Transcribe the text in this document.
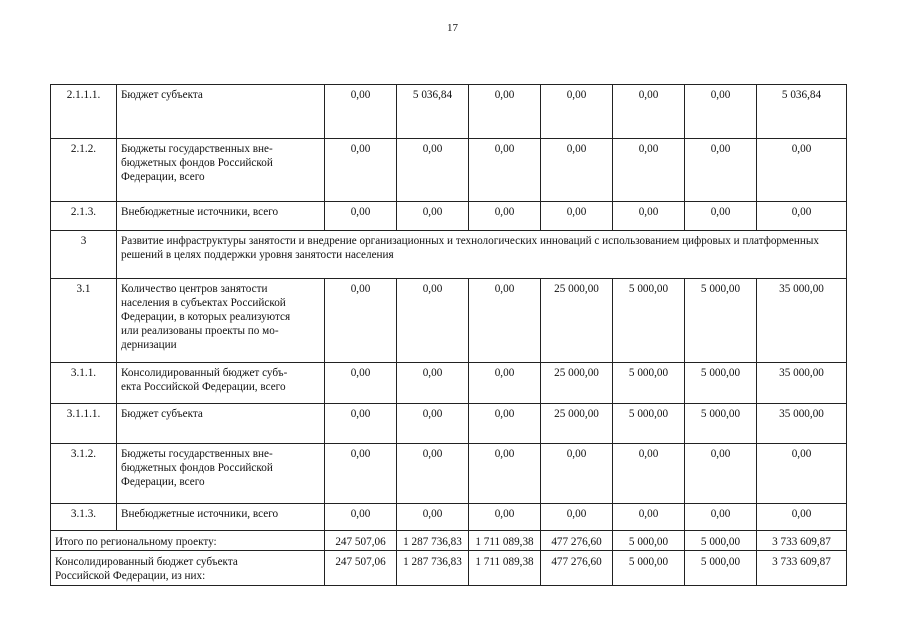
17
2.1.1.1.	Бюджет субъекта	0,00	5 036,84	0,00	0,00	0,00	0,00	5 036,84
2.1.2.	Бюджеты государственных вне-
бюджетных фондов Российской
Федерации, всего	0,00	0,00	0,00	0,00	0,00	0,00	0,00
2.1.3.	Внебюджетные источники, всего	0,00	0,00	0,00	0,00	0,00	0,00	0,00
3	Развитие инфраструктуры занятости и внедрение организационных и технологических инноваций с использованием цифровых и платформенных решений в целях поддержки уровня занятости населения							
3.1	Количество центров занятости
населения в субъектах Российской
Федерации, в которых реализуются
или реализованы проекты по мо-
дернизации	0,00	0,00	0,00	25 000,00	5 000,00	5 000,00	35 000,00
3.1.1.	Консолидированный бюджет субъ-
екта Российской Федерации, всего	0,00	0,00	0,00	25 000,00	5 000,00	5 000,00	35 000,00
3.1.1.1.	Бюджет субъекта	0,00	0,00	0,00	25 000,00	5 000,00	5 000,00	35 000,00
3.1.2.	Бюджеты государственных вне-
бюджетных фондов Российской
Федерации, всего	0,00	0,00	0,00	0,00	0,00	0,00	0,00
3.1.3.	Внебюджетные источники, всего	0,00	0,00	0,00	0,00	0,00	0,00	0,00
Итого по региональному проекту:		247 507,06	1 287 736,83	1 711 089,38	477 276,60	5 000,00	5 000,00	3 733 609,87
Консолидированный бюджет субъекта
Российской Федерации, из них:		247 507,06	1 287 736,83	1 711 089,38	477 276,60	5 000,00	5 000,00	3 733 609,87
